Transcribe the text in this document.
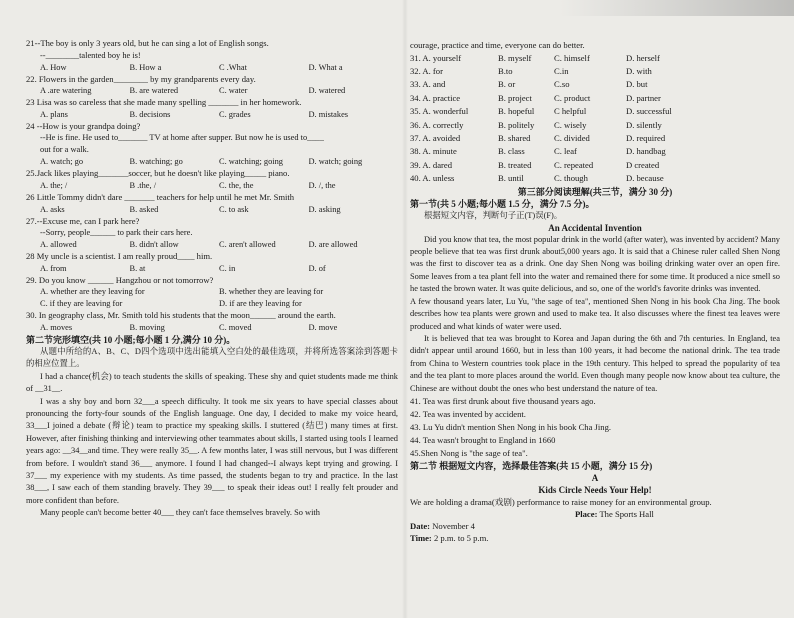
21--The boy is only 3 years old, but he can sing a lot of English songs.
--________talented boy he is!
A. How	B. How a	C .What	D. What a
22. Flowers in the garden________ by my grandparents every day.
A .are watering	B. are watered	C. water	D. watered
23 Lisa was so careless that she made many spelling _______ in her homework.
A. plans	B. decisions	C. grades	D. mistakes
24 --How is your grandpa doing?
--He is fine. He used to_______ TV at home after supper. But now he is used to____
out for a walk.
A. watch; go	B. watching; go	C. watching; going	D. watch; going
25.Jack likes playing_______soccer, but he doesn't like playing_____ piano.
A. the; /	B .the, /	C. the, the	D. /, the
26 Little Tommy didn't dare _______ teachers for help until he met Mr. Smith
A. asks	B. asked	C. to ask	D. asking
27.--Excuse me, can I park here?
--Sorry, people______ to park their cars here.
A. allowed	B. didn't allow	C. aren't allowed	D. are allowed
28 My uncle is a scientist. I am really proud____ him.
A. from	B. at	C. in	D. of
29. Do you know ______ Hangzhou or not tomorrow?
A. whether are they leaving for	B. whether they are leaving for
C. if they are leaving for	D. if are they leaving for
30. In geography class, Mr. Smith told his students that the moon______ around the earth.
A. moves	B. moving	C. moved	D. move
第二节完形填空(共 10 小题;每小题 1 分,满分 10 分)。
从题中所给的A、B、C、D四个选项中选出能填入空白处的最佳选项，并将所选答案涂到答题卡的相应位置上。
I had a chance(机会) to teach students the skills of speaking. These shy and quiet students made me think of __31__.
I was a shy boy and born 32___a speech difficulty. It took me six years to have special classes about pronouncing the forty-four sounds of the English language. One day, I decided to make my voice heard, 33___I joined a debate (辩论) team to practice my speaking skills. I stuttered (结巴) many times at first. However, after finishing thinking and interviewing other teammates about skills, I started using tools I learned years ago: __34__and time. They were really 35__. A few months later, I was still nervous, but I was different from before. I wouldn't stand 36___ anymore. I found I had changed--I always kept trying and growing. I 37___ my experience with my students. As time passed, the students began to try and practice. In the last 38___, I saw each of them standing bravely. They 39___ to speak their ideas out! I really felt prouder and more confident than before.
Many people can't become better 40___ they can't face themselves bravely. So with
courage, practice and time, everyone can do better.
31. A. yourself	B. myself	C. himself	D. herself
32. A. for	B.to	C.in	D. with
33. A. and	B. or	C.so	D. but
34. A. practice	B. project	C. product	D. partner
35. A. wonderful	B. hopeful	C helpful	D. successful
36. A. correctly	B. politely	C. wisely	D. silently
37. A. avoided	B. shared	C. divided	D. required
38. A. minute	B. class	C. leaf	D. handbag
39. A. dared	B. treated	C. repeated	D created
40. A. unless	B. until	C. though	D. because
第三部分阅读理解(共三节，满分 30 分)
第一节(共 5 小题;每小题 1.5 分，满分 7.5 分)。
根据短文内容，判断句子正(T)误(F)。
An Accidental Invention
Did you know that tea, the most popular drink in the world (after water), was invented by accident? Many people believe that tea was first drunk about5,000 years ago. It is said that a Chinese ruler called Shen Nong was the first to discover tea as a drink. One day Shen Nong was boiling drinking water over an open fire. Some leaves from a tea plant fell into the water and remained there for some time. It produced a nice smell so he tasted the brown water. It was quite delicious, and so, one of the world's favorite drinks was invented.
A few thousand years later, Lu Yu, "the sage of tea", mentioned Shen Nong in his book Cha Jing. The book describes how tea plants were grown and used to make tea. It also discusses where the finest tea leaves were produced and what kinds of water were used.
It is believed that tea was brought to Korea and Japan during the 6th and 7th centuries. In England, tea didn't appear until around 1660, but in less than 100 years, it had become the national drink. The tea trade from China to Western countries took place in the 19th century. This helped to spread the popularity of tea and the tea plant to more places around the world. Even though many people now know about tea culture, the Chinese are without doubt the ones who best understand the nature of tea.
41. Tea was first drunk about five thousand years ago.
42. Tea was invented by accident.
43. Lu Yu didn't mention Shen Nong in his book Cha Jing.
44. Tea wasn't brought to England in 1660
45.Shen Nong is "the sage of tea".
第二节 根据短文内容，选择最佳答案(共 15 小题，满分 15 分)
A
Kids Circle Needs Your Help!
We are holding a drama(戏剧) performance to raise money for an environmental group.
Place: The Sports Hall
Date: November 4
Time: 2 p.m. to 5 p.m.
